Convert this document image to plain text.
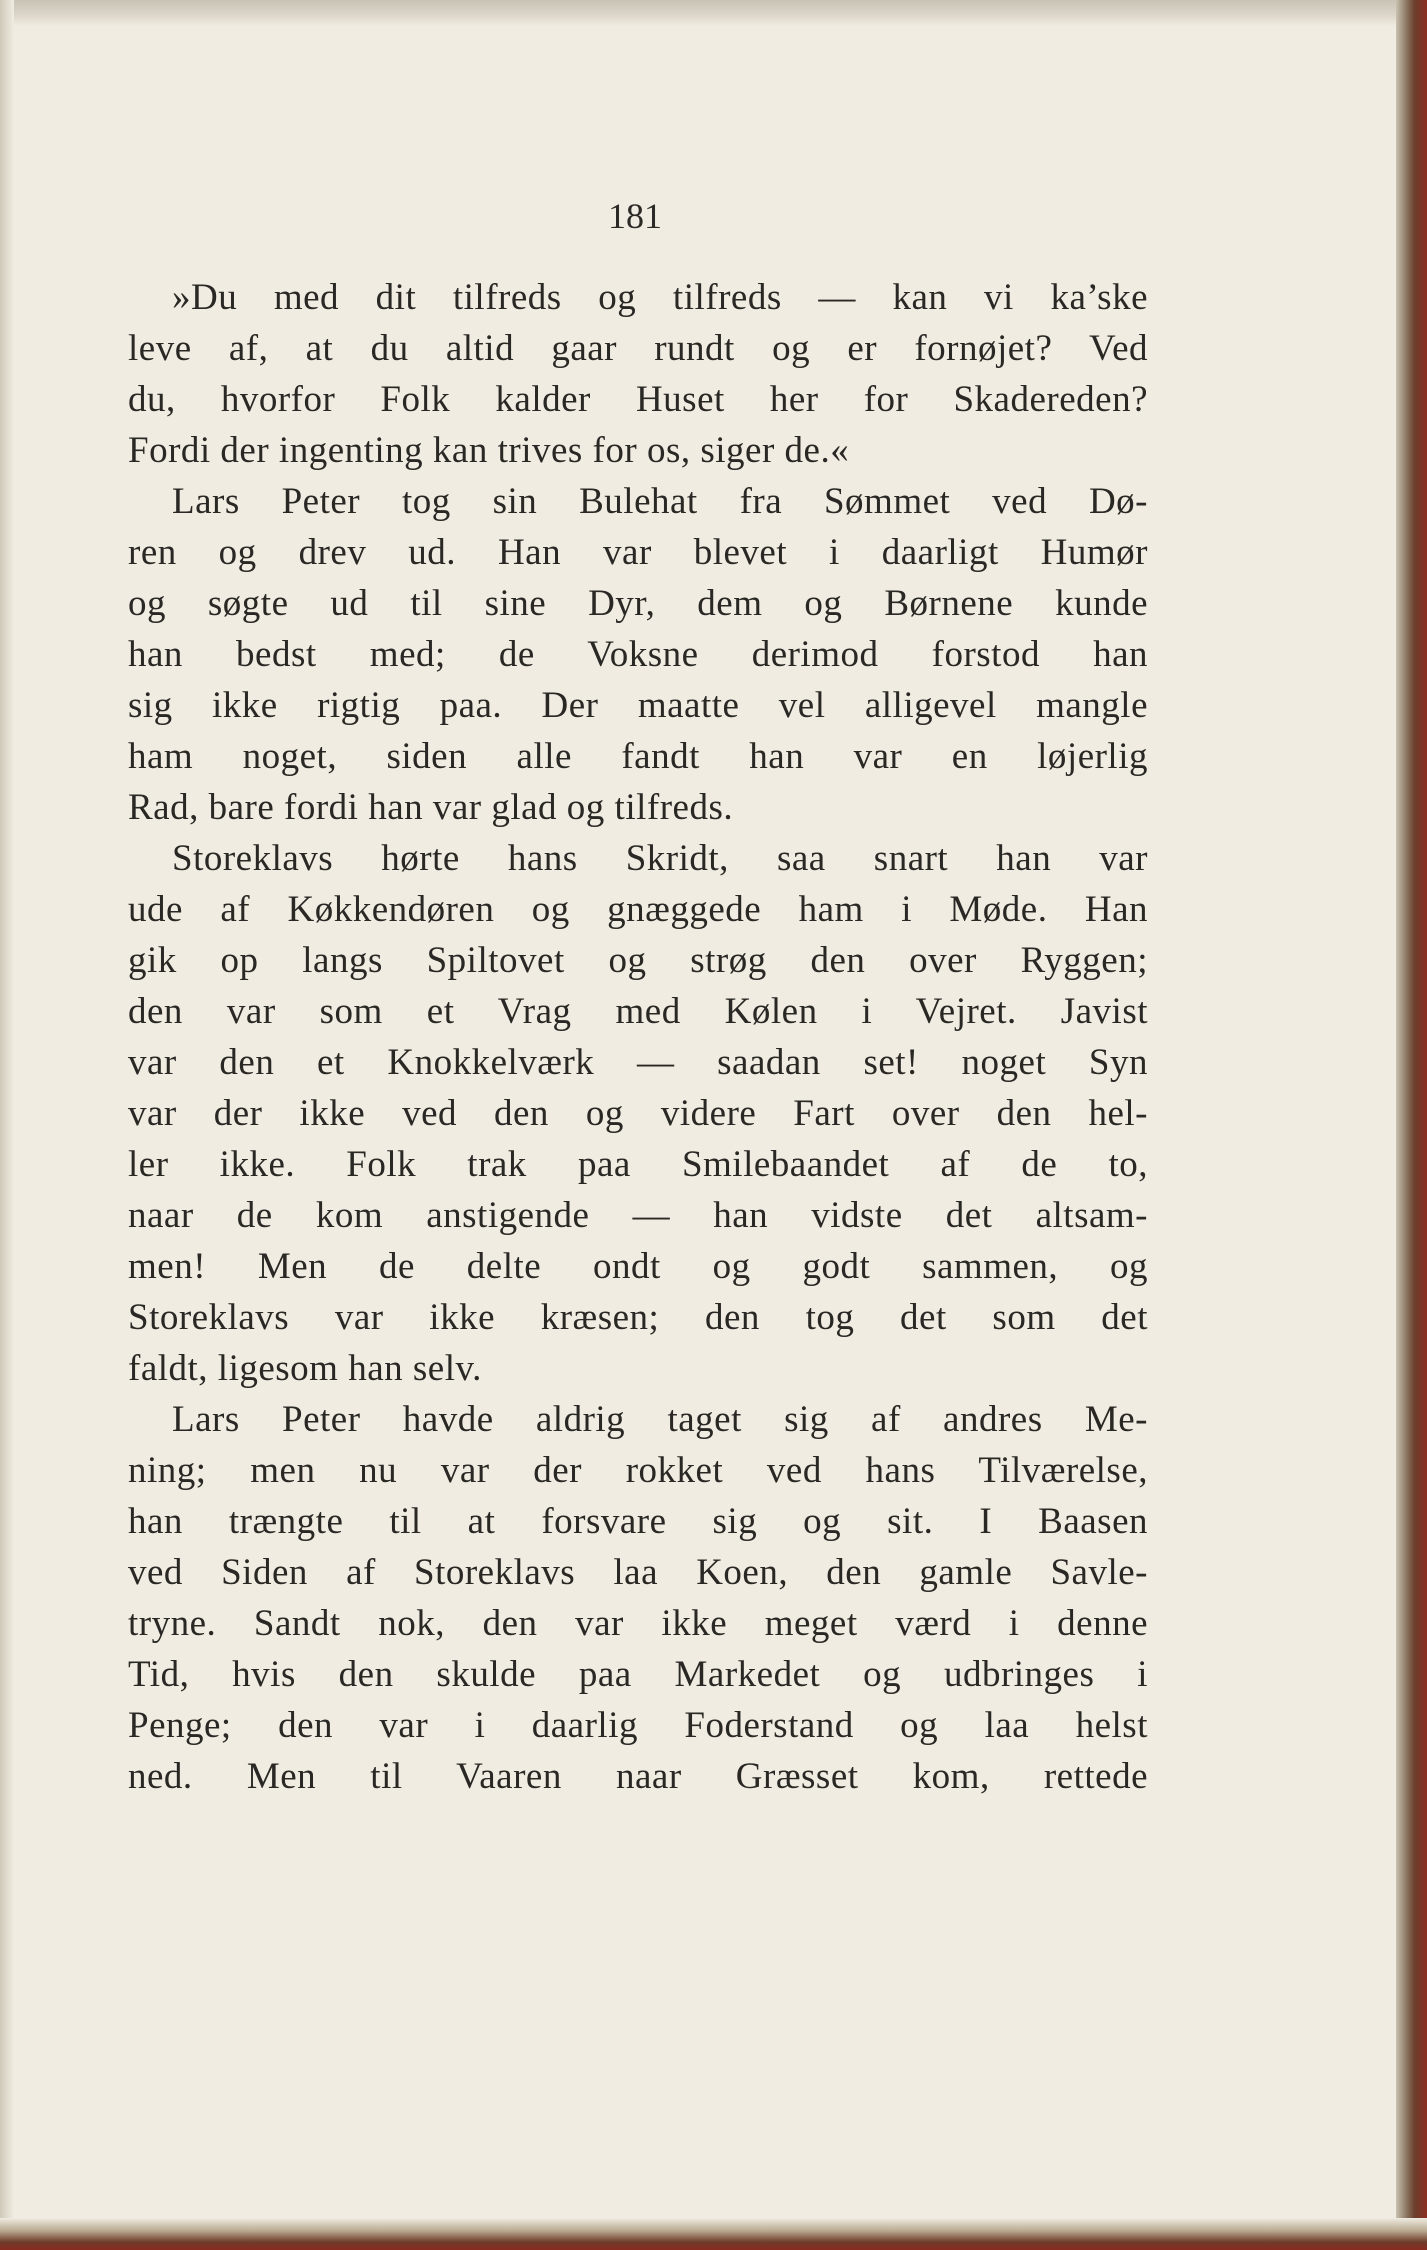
181
»Du med dit tilfreds og tilfreds — kan vi ka’ske
leve af, at du altid gaar rundt og er fornøjet? Ved
du, hvorfor Folk kalder Huset her for Skadereden?
Fordi der ingenting kan trives for os, siger de.«
Lars Peter tog sin Bulehat fra Sømmet ved Dø-
ren og drev ud. Han var blevet i daarligt Humør
og søgte ud til sine Dyr, dem og Børnene kunde
han bedst med; de Voksne derimod forstod han
sig ikke rigtig paa. Der maatte vel alligevel mangle
ham noget, siden alle fandt han var en løjerlig
Rad, bare fordi han var glad og tilfreds.
Storeklavs hørte hans Skridt, saa snart han var
ude af Køkkendøren og gnæggede ham i Møde. Han
gik op langs Spiltovet og strøg den over Ryggen;
den var som et Vrag med Kølen i Vejret. Javist
var den et Knokkelværk — saadan set! noget Syn
var der ikke ved den og videre Fart over den hel-
ler ikke. Folk trak paa Smilebaandet af de to,
naar de kom anstigende — han vidste det altsam-
men! Men de delte ondt og godt sammen, og
Storeklavs var ikke kræsen; den tog det som det
faldt, ligesom han selv.
Lars Peter havde aldrig taget sig af andres Me-
ning; men nu var der rokket ved hans Tilværelse,
han trængte til at forsvare sig og sit. I Baasen
ved Siden af Storeklavs laa Koen, den gamle Savle-
tryne. Sandt nok, den var ikke meget værd i denne
Tid, hvis den skulde paa Markedet og udbringes i
Penge; den var i daarlig Foderstand og laa helst
ned. Men til Vaaren naar Græsset kom, rettede
